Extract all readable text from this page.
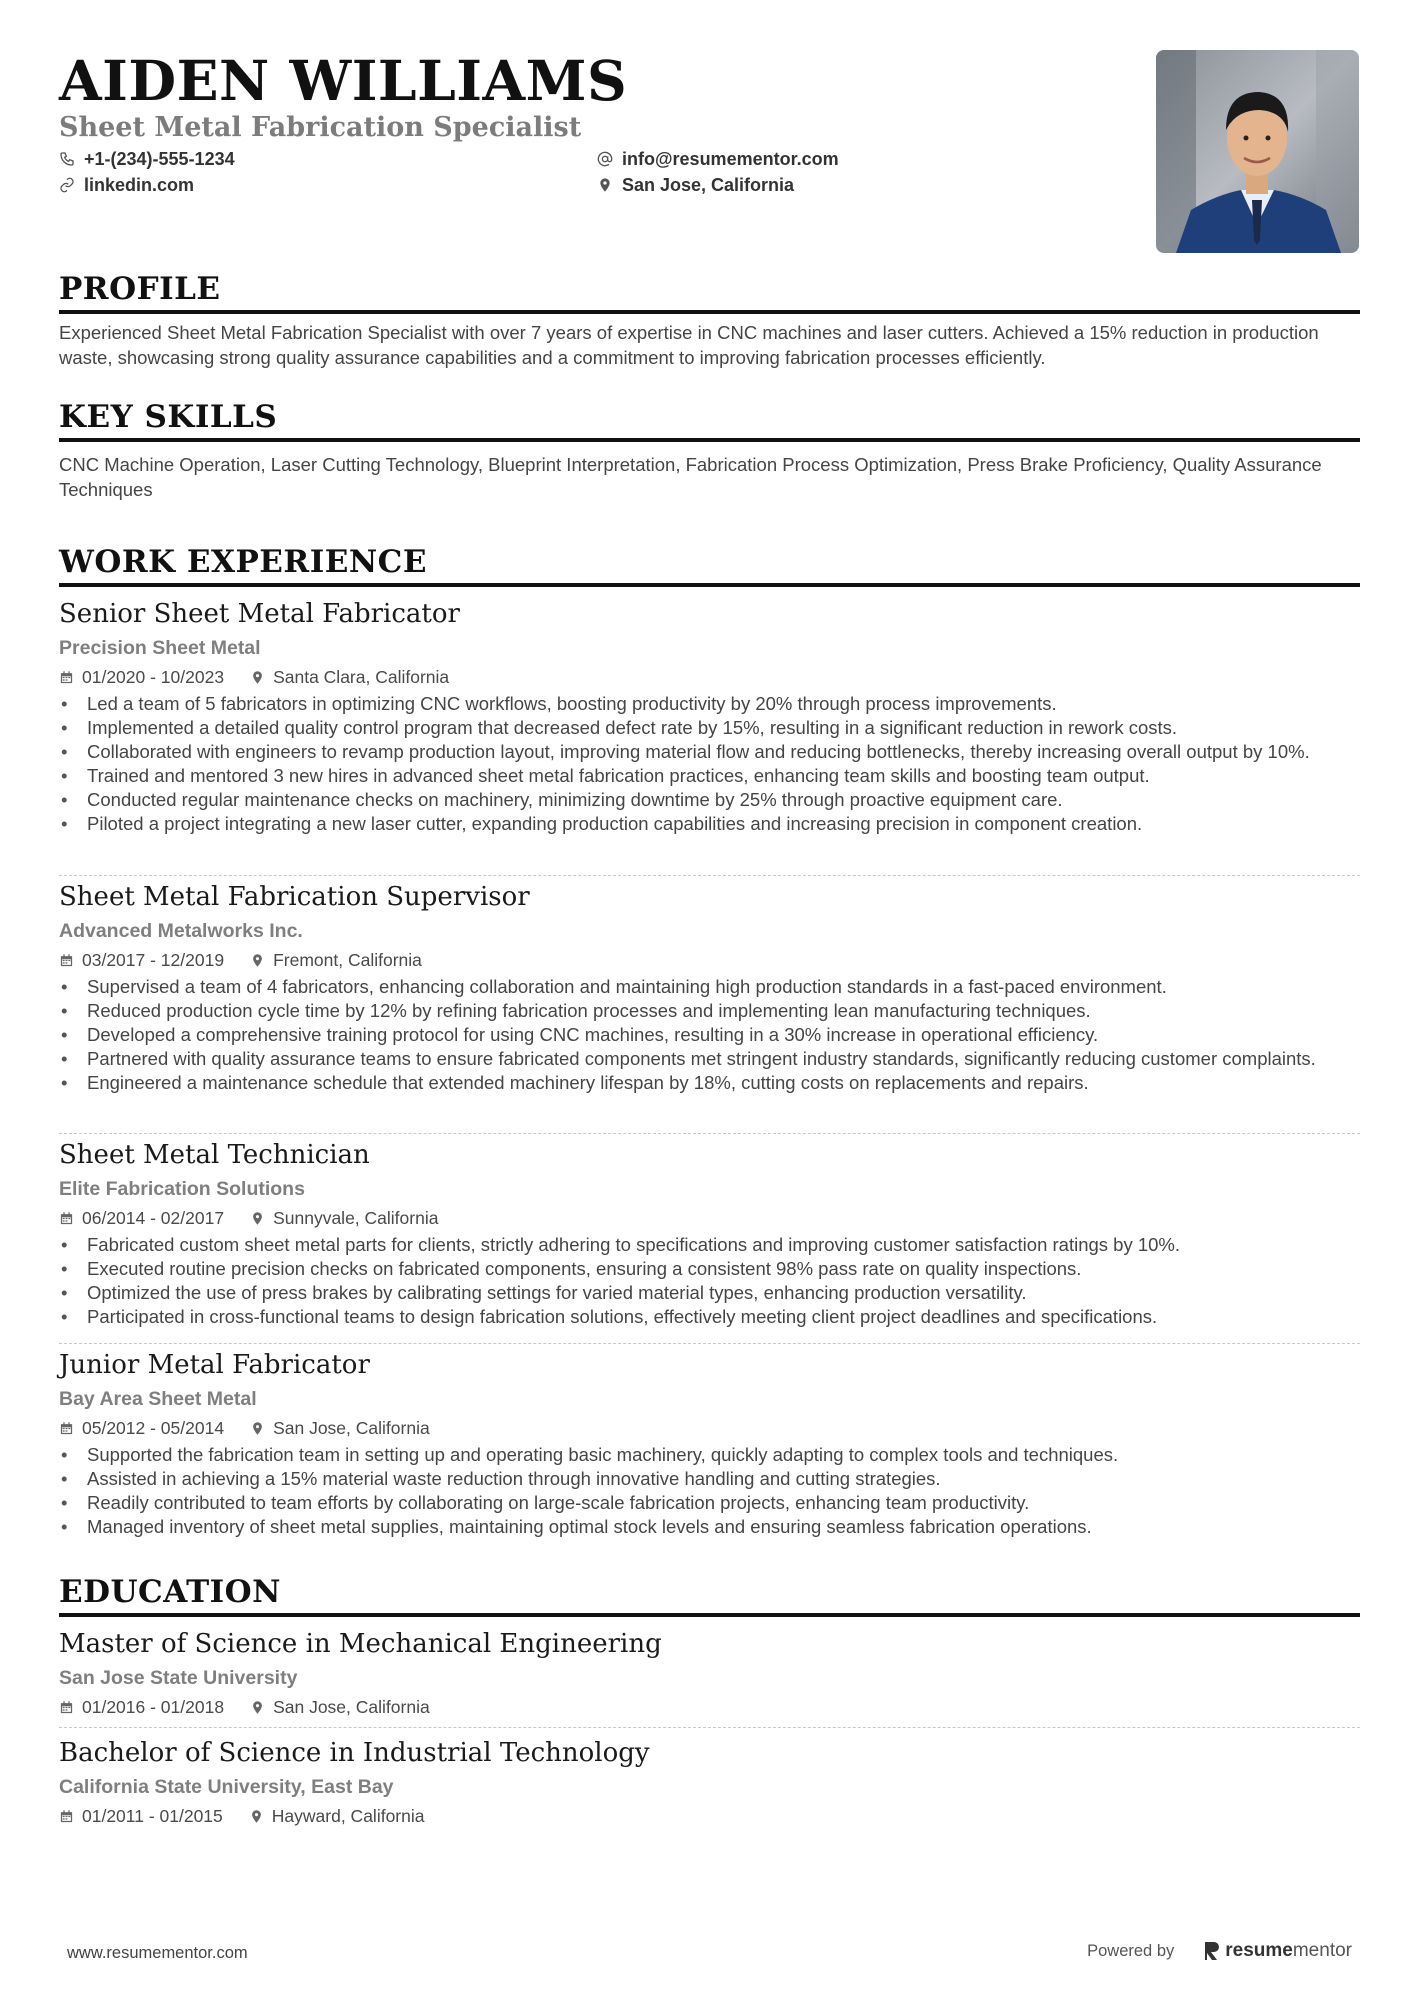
AIDEN WILLIAMS
Sheet Metal Fabrication Specialist
+1-(234)-555-1234	info@resumementor.com
linkedin.com	San Jose, California
PROFILE

Experienced Sheet Metal Fabrication Specialist with over 7 years of expertise in CNC machines and laser cutters. Achieved a 15% reduction in production waste, showcasing strong quality assurance capabilities and a commitment to improving fabrication processes efficiently.

KEY SKILLS

CNC Machine Operation, Laser Cutting Technology, Blueprint Interpretation, Fabrication Process Optimization, Press Brake Proficiency, Quality Assurance Techniques

WORK EXPERIENCE
Senior Sheet Metal Fabricator
Precision Sheet Metal
01/2020 - 10/2023	Santa Clara, California
• Led a team of 5 fabricators in optimizing CNC workflows, boosting productivity by 20% through process improvements.
• Implemented a detailed quality control program that decreased defect rate by 15%, resulting in a significant reduction in rework costs.
• Collaborated with engineers to revamp production layout, improving material flow and reducing bottlenecks, thereby increasing overall output by 10%.
• Trained and mentored 3 new hires in advanced sheet metal fabrication practices, enhancing team skills and boosting team output.
• Conducted regular maintenance checks on machinery, minimizing downtime by 25% through proactive equipment care.
• Piloted a project integrating a new laser cutter, expanding production capabilities and increasing precision in component creation.
Sheet Metal Fabrication Supervisor
Advanced Metalworks Inc.
03/2017 - 12/2019	Fremont, California
• Supervised a team of 4 fabricators, enhancing collaboration and maintaining high production standards in a fast-paced environment.
• Reduced production cycle time by 12% by refining fabrication processes and implementing lean manufacturing techniques.
• Developed a comprehensive training protocol for using CNC machines, resulting in a 30% increase in operational efficiency.
• Partnered with quality assurance teams to ensure fabricated components met stringent industry standards, significantly reducing customer complaints.
• Engineered a maintenance schedule that extended machinery lifespan by 18%, cutting costs on replacements and repairs.
Sheet Metal Technician
Elite Fabrication Solutions
06/2014 - 02/2017	Sunnyvale, California
• Fabricated custom sheet metal parts for clients, strictly adhering to specifications and improving customer satisfaction ratings by 10%.
• Executed routine precision checks on fabricated components, ensuring a consistent 98% pass rate on quality inspections.
• Optimized the use of press brakes by calibrating settings for varied material types, enhancing production versatility.
• Participated in cross-functional teams to design fabrication solutions, effectively meeting client project deadlines and specifications.
Junior Metal Fabricator
Bay Area Sheet Metal
05/2012 - 05/2014	San Jose, California
• Supported the fabrication team in setting up and operating basic machinery, quickly adapting to complex tools and techniques.
• Assisted in achieving a 15% material waste reduction through innovative handling and cutting strategies.
• Readily contributed to team efforts by collaborating on large-scale fabrication projects, enhancing team productivity.
• Managed inventory of sheet metal supplies, maintaining optimal stock levels and ensuring seamless fabrication operations.
EDUCATION
Master of Science in Mechanical Engineering
San Jose State University
01/2016 - 01/2018	San Jose, California
Bachelor of Science in Industrial Technology
California State University, East Bay
01/2011 - 01/2015	Hayward, California
www.resumementor.com	Powered by	resume mentor
